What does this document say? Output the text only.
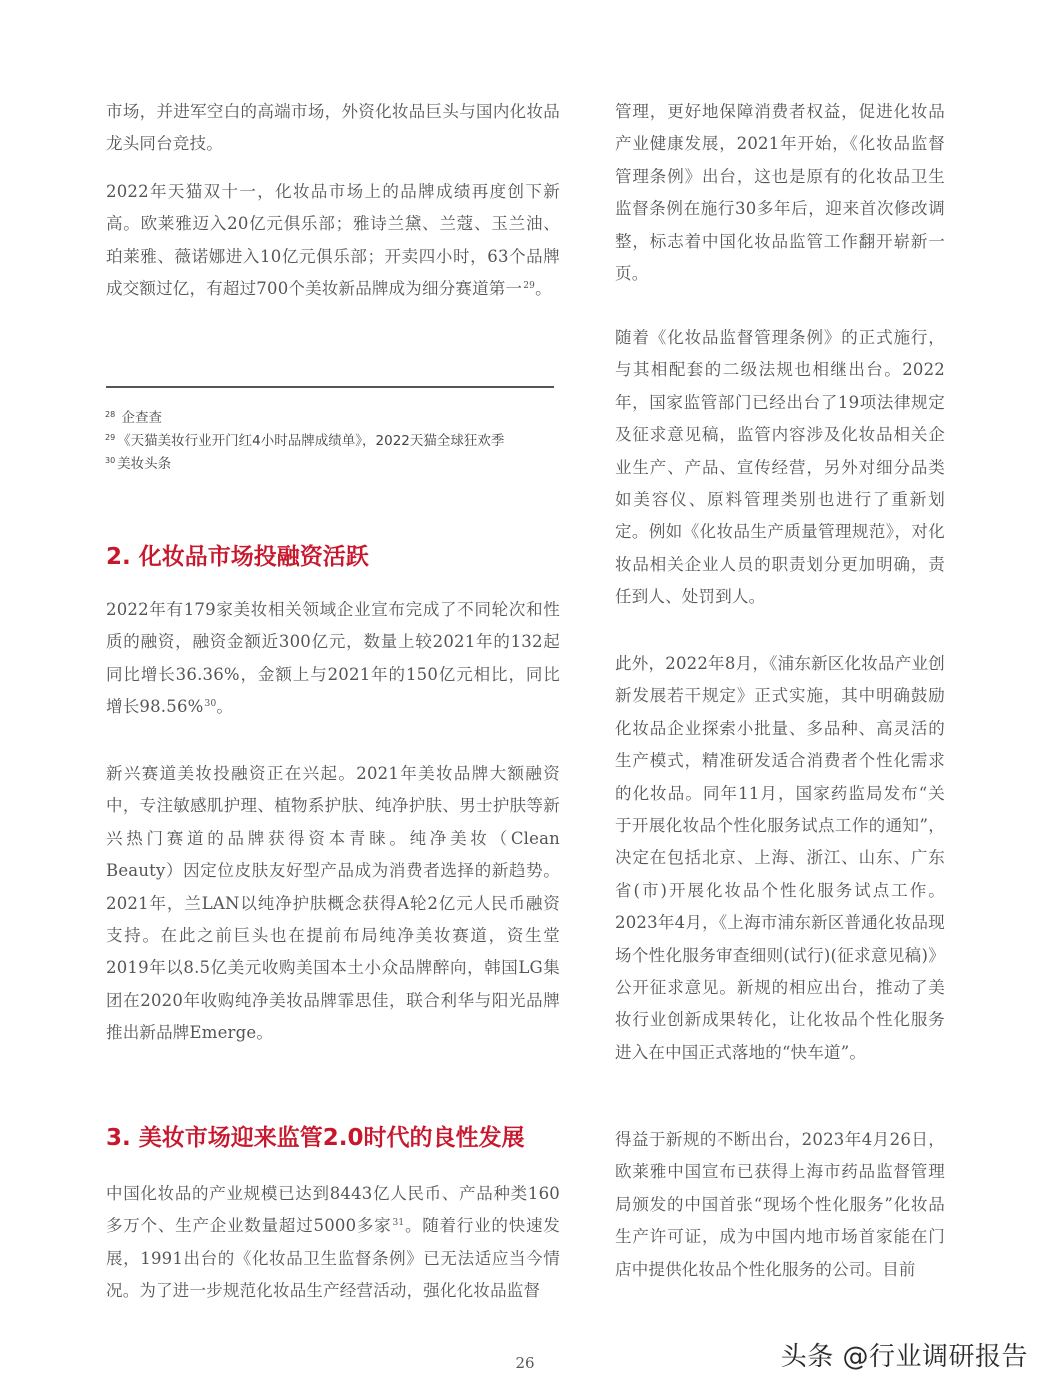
市场，并进军空白的高端市场，外资化妆品巨头与国内化妆品龙头同台竞技。

2022年天猫双十一，化妆品市场上的品牌成绩再度创下新高。欧莱雅迈入20亿元俱乐部；雅诗兰黛、兰蔻、玉兰油、珀莱雅、薇诺娜进入10亿元俱乐部；开卖四小时，63个品牌成交额过亿，有超过700个美妆新品牌成为细分赛道第一$^{29}$。

$^{28}$ 企查查
$^{29}$ 《天猫美妆行业开门红4小时品牌成绩单》，2022天猫全球狂欢季
$^{30}$ 美妆头条
2. 化妆品市场投融资活跃

2022年有179家美妆相关领域企业宣布完成了不同轮次和性质的融资，融资金额近300亿元，数量上较2021年的132起同比增长36.36%，金额上与2021年的150亿元相比，同比增长98.56%$^{30}$。

新兴赛道美妆投融资正在兴起。2021年美妆品牌大额融资中，专注敏感肌护理、植物系护肤、纯净护肤、男士护肤等新兴热门赛道的品牌获得资本青睐。纯净美妆（Clean Beauty）因定位皮肤友好型产品成为消费者选择的新趋势。2021年，兰LAN以纯净护肤概念获得A轮2亿元人民币融资支持。在此之前巨头也在提前布局纯净美妆赛道，资生堂2019年以8.5亿美元收购美国本土小众品牌醉向，韩国LG集团在2020年收购纯净美妆品牌霏思佳，联合利华与阳光品牌推出新品牌Emerge。

3. 美妆市场迎来监管2.0时代的良性发展

中国化妆品的产业规模已达到8443亿人民币、产品种类160多万个、生产企业数量超过5000多家$^{31}$。随着行业的快速发展，1991出台的《化妆品卫生监督条例》已无法适应当今情况。为了进一步规范化妆品生产经营活动，强化化妆品监督

管理，更好地保障消费者权益，促进化妆品产业健康发展，2021年开始，《化妆品监督管理条例》出台，这也是原有的化妆品卫生监督条例在施行30多年后，迎来首次修改调整，标志着中国化妆品监管工作翻开崭新一页。

随着《化妆品监督管理条例》的正式施行，与其相配套的二级法规也相继出台。2022年，国家监管部门已经出台了19项法律规定及征求意见稿，监管内容涉及化妆品相关企业生产、产品、宣传经营，另外对细分品类如美容仪、原料管理类别也进行了重新划定。例如《化妆品生产质量管理规范》，对化妆品相关企业人员的职责划分更加明确，责任到人、处罚到人。

此外，2022年8月，《浦东新区化妆品产业创新发展若干规定》正式实施，其中明确鼓励化妆品企业探索小批量、多品种、高灵活的生产模式，精准研发适合消费者个性化需求的化妆品。同年11月，国家药监局发布“关于开展化妆品个性化服务试点工作的通知”，决定在包括北京、上海、浙江、山东、广东省(市)开展化妆品个性化服务试点工作。2023年4月，《上海市浦东新区普通化妆品现场个性化服务审查细则(试行)(征求意见稿)》公开征求意见。新规的相应出台，推动了美妆行业创新成果转化，让化妆品个性化服务进入在中国正式落地的“快车道”。

得益于新规的不断出台，2023年4月26日，欧莱雅中国宣布已获得上海市药品监督管理局颁发的中国首张“现场个性化服务”化妆品生产许可证，成为中国内地市场首家能在门店中提供化妆品个性化服务的公司。目前

26	头条 @行业调研报告
